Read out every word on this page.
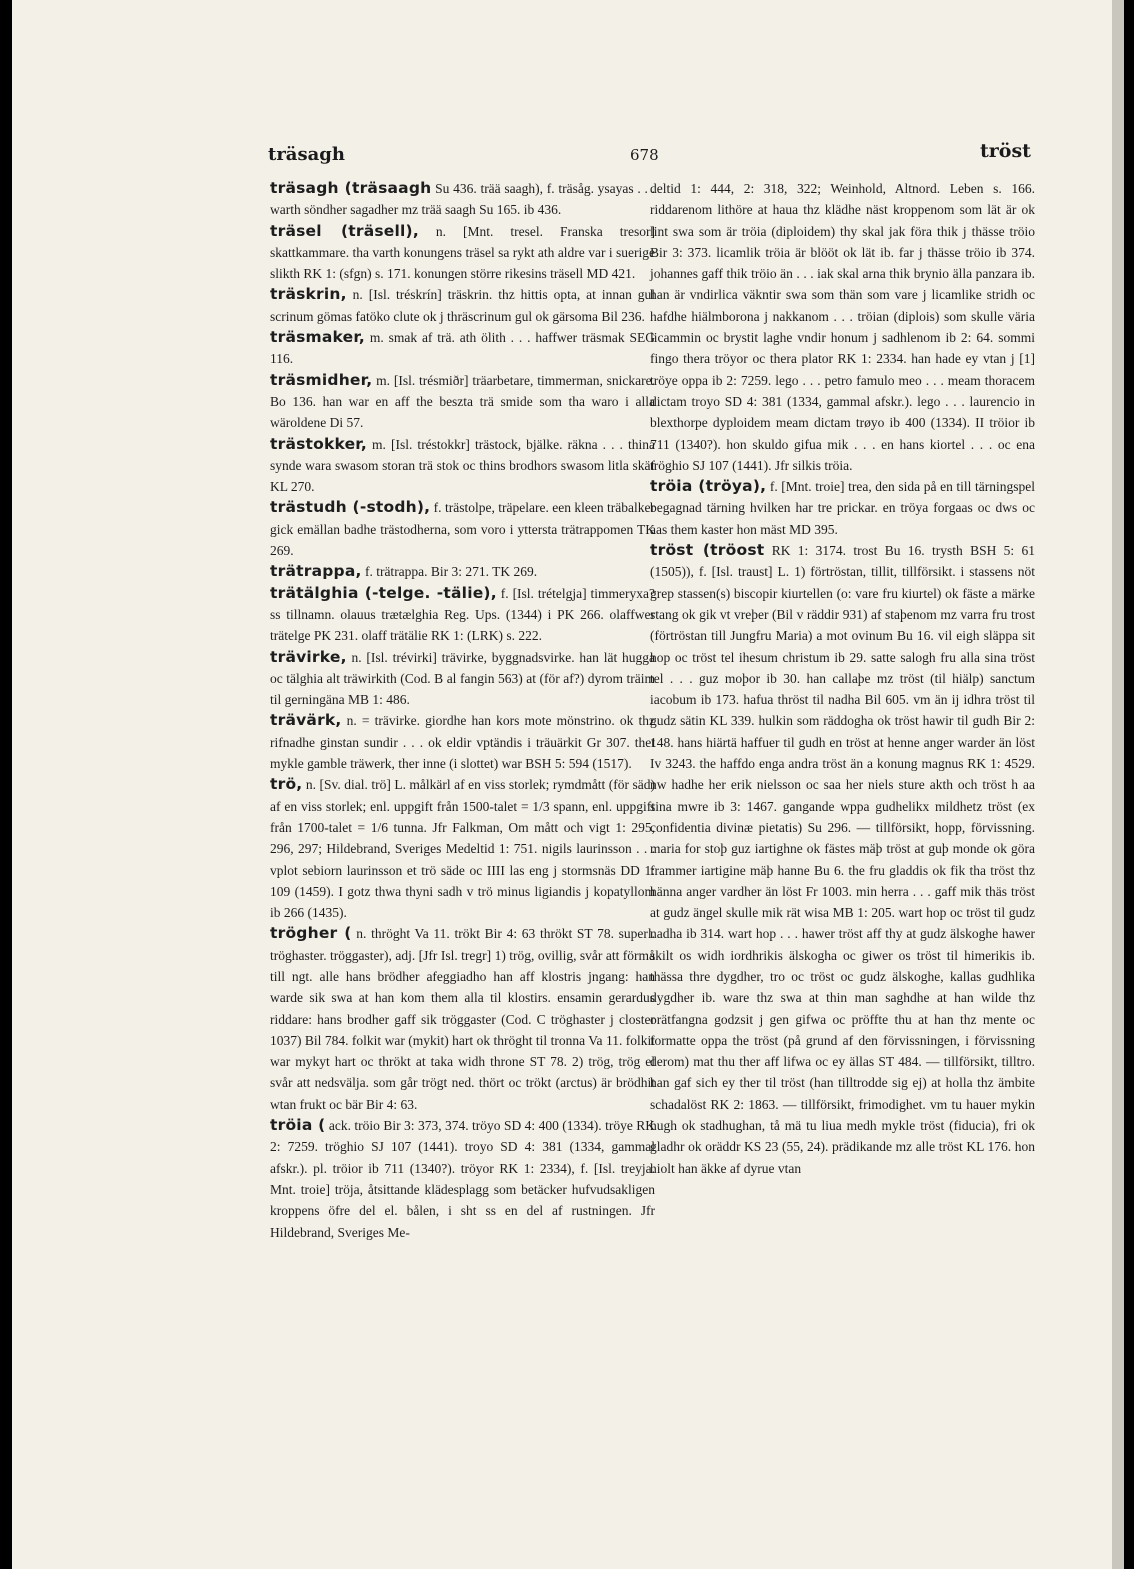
träsagh	678	tröst

träsagh (träsaagh Su 436. trää saagh), f. träsåg. ysayas . . . warth söndher sagadher mz trää saagh Su 165. ib 436.

träsel (träsell), n. [Mnt. tresel. Franska tresor] skattkammare. tha varth konungens träsel sa rykt ath aldre var i suerige slikth RK 1: (sfgn) s. 171. konungen större rikesins träsell MD 421.

träskrin, n. [Isl. tréskrín] träskrin. thz hittis opta, at innan gul scrinum gömas fatöko clute ok j thräscrinum gul ok gärsoma Bil 236.

träsmaker, m. smak af trä. ath ölith . . . haffwer träsmak SEG 116.

träsmidher, m. [Isl. trésmiðr] träarbetare, timmerman, snickare. Bo 136. han war en aff the beszta trä smide som tha waro i alla wäroldene Di 57.

trästokker, m. [Isl. tréstokkr] trästock, bjälke. räkna . . . thina synde wara swasom storan trä stok oc thins brodhors swasom litla skäf KL 270.

trästudh (-stodh), f. trästolpe, träpelare. een kleen träbalker gick emällan badhe trästodherna, som voro i yttersta trätrappomen TK 269.

trätrappa, f. trätrappa. Bir 3: 271. TK 269.

trätälghia (-telge. -tälie), f. [Isl. trételgja] timmeryxa? ss tillnamn. olauus trætælghia Reg. Ups. (1344) i PK 266. olaffwer trätelge PK 231. olaff trätälie RK 1: (LRK) s. 222.

trävirke, n. [Isl. trévirki] trävirke, byggnadsvirke. han lät hugga oc tälghia alt träwirkith (Cod. B al fangin 563) at (för af?) dyrom träim til gerningäna MB 1: 486.

trävärk, n. = trävirke. giordhe han kors mote mönstrino. ok thz rifnadhe ginstan sundir . . . ok eldir vptändis i träuärkit Gr 307. thet mykle gamble träwerk, ther inne (i slottet) war BSH 5: 594 (1517).

trö, n. [Sv. dial. trö] L. målkärl af en viss storlek; rymdmått (för säd) af en viss storlek; enl. uppgift från 1500-talet = 1/3 spann, enl. uppgift från 1700-talet = 1/6 tunna. Jfr Falkman, Om mått och vigt 1: 295, 296, 297; Hildebrand, Sveriges Medeltid 1: 751. nigils laurinsson . . . vplot sebiorn laurinsson et trö säde oc IIII las eng j stormsnäs DD 1: 109 (1459). I gotz thwa thyni sadh v trö minus ligiandis j kopatyllom ib 266 (1435).

trögher ( n. thröght Va 11. trökt Bir 4: 63 thrökt ST 78. superl. tröghaster. tröggaster), adj. [Jfr Isl. tregr] 1) trög, ovillig, svår att förmå till ngt. alle hans brödher afeggiadho han aff klostris jngang: han warde sik swa at han kom them alla til klostirs. ensamin gerardus riddare: hans brodher gaff sik tröggaster (Cod. C tröghaster j closter 1037) Bil 784. folkit war (mykit) hart ok thröght til tronna Va 11. folkit war mykyt hart oc thrökt at taka widh throne ST 78. 2) trög, trög el svår att nedsvälja. som går trögt ned. thört oc trökt (arctus) är brödhit wtan frukt oc bär Bir 4: 63.

tröia ( ack. tröio Bir 3: 373, 374. tröyo SD 4: 400 (1334). tröye RK 2: 7259. tröghio SJ 107 (1441). troyo SD 4: 381 (1334, gammal afskr.). pl. tröior ib 711 (1340?). tröyor RK 1: 2334), f. [Isl. treyja. Mnt. troie] tröja, åtsittande klädesplagg som betäcker hufvudsakligen kroppens öfre del el. bålen, i sht ss en del af rustningen. Jfr Hildebrand, Sveriges Me-

deltid 1: 444, 2: 318, 322; Weinhold, Altnord. Leben s. 166. riddarenom lithöre at haua thz klädhe näst kroppenom som lät är ok lint swa som är tröia (diploidem) thy skal jak föra thik j thässe tröio Bir 3: 373. licamlik tröia är blööt ok lät ib. far j thässe tröio ib 374. johannes gaff thik tröio än . . . iak skal arna thik brynio älla panzara ib. han är vndirlica väkntir swa som thän som vare j licamlike stridh oc hafdhe hiälmborona j nakkanom . . . tröian (diplois) som skulle väria licammin oc brystit laghe vndir honum j sadhlenom ib 2: 64. sommi fingo thera tröyor oc thera plator RK 1: 2334. han hade ey vtan j [1] tröye oppa ib 2: 7259. lego . . . petro famulo meo . . . meam thoracem dictam troyo SD 4: 381 (1334, gammal afskr.). lego . . . laurencio in blexthorpe dyploidem meam dictam trøyo ib 400 (1334). II tröior ib 711 (1340?). hon skuldo gifua mik . . . en hans kiortel . . . oc ena tröghio SJ 107 (1441). Jfr silkis tröia.

tröia (tröya), f. [Mnt. troie] trea, den sida på en till tärningspel begagnad tärning hvilken har tre prickar. en tröya forgaas oc dws oc aas them kaster hon mäst MD 395.

tröst (tröost RK 1: 3174. trost Bu 16. trysth BSH 5: 61 (1505)), f. [Isl. traust] L. 1) förtröstan, tillit, tillförsikt. i stassens nöt grep stassen(s) biscopir kiurtellen (o: vare fru kiurtel) ok fäste a märke stang ok gik vt vreþer (Bil v räddir 931) af staþenom mz varra fru trost (förtröstan till Jungfru Maria) a mot ovinum Bu 16. vil eigh släppa sit hop oc tröst tel ihesum christum ib 29. satte salogh fru alla sina tröst tel . . . guz moþor ib 30. han callaþe mz tröst (til hiälp) sanctum iacobum ib 173. hafua thröst til nadha Bil 605. vm än ij idhra tröst til gudz sätin KL 339. hulkin som räddogha ok tröst hawir til gudh Bir 2: 148. hans hiärtä haffuer til gudh en tröst at henne anger warder än löst Iv 3243. the haffdo enga andra tröst än a konung magnus RK 1: 4529. nw hadhe her erik nielsson oc saa her niels sture akth och tröst h aa sina mwre ib 3: 1467. gangande wppa gudhelikx mildhetz tröst (ex confidentia divinæ pietatis) Su 296. — tillförsikt, hopp, förvissning. maria for stoþ guz iartighne ok fästes mäþ tröst at guþ monde ok göra frammer iartigine mäþ hanne Bu 6. the fru gladdis ok fik tha tröst thz hänna anger vardher än löst Fr 1003. min herra . . . gaff mik thäs tröst at gudz ängel skulle mik rät wisa MB 1: 205. wart hop oc tröst til gudz nadha ib 314. wart hop . . . hawer tröst aff thy at gudz älskoghe hawer skilt os widh iordhrikis älskogha oc giwer os tröst til himerikis ib. thässa thre dygdher, tro oc tröst oc gudz älskoghe, kallas gudhlika dygdher ib. ware thz swa at thin man saghdhe at han wilde thz orätfangna godzsit j gen gifwa oc pröffte thu at han thz mente oc formatte oppa the tröst (på grund af den förvissningen, i förvissning derom) mat thu ther aff lifwa oc ey ällas ST 484. — tillförsikt, tilltro. han gaf sich ey ther til tröst (han tilltrodde sig ej) at holla thz ämbite schadalöst RK 2: 1863. — tillförsikt, frimodighet. vm tu hauer mykin hugh ok stadhughan, tå mä tu liua medh mykle tröst (fiducia), fri ok gladhr ok oräddr KS 23 (55, 24). prädikande mz alle tröst KL 176. hon hiolt han äkke af dyrue vtan
